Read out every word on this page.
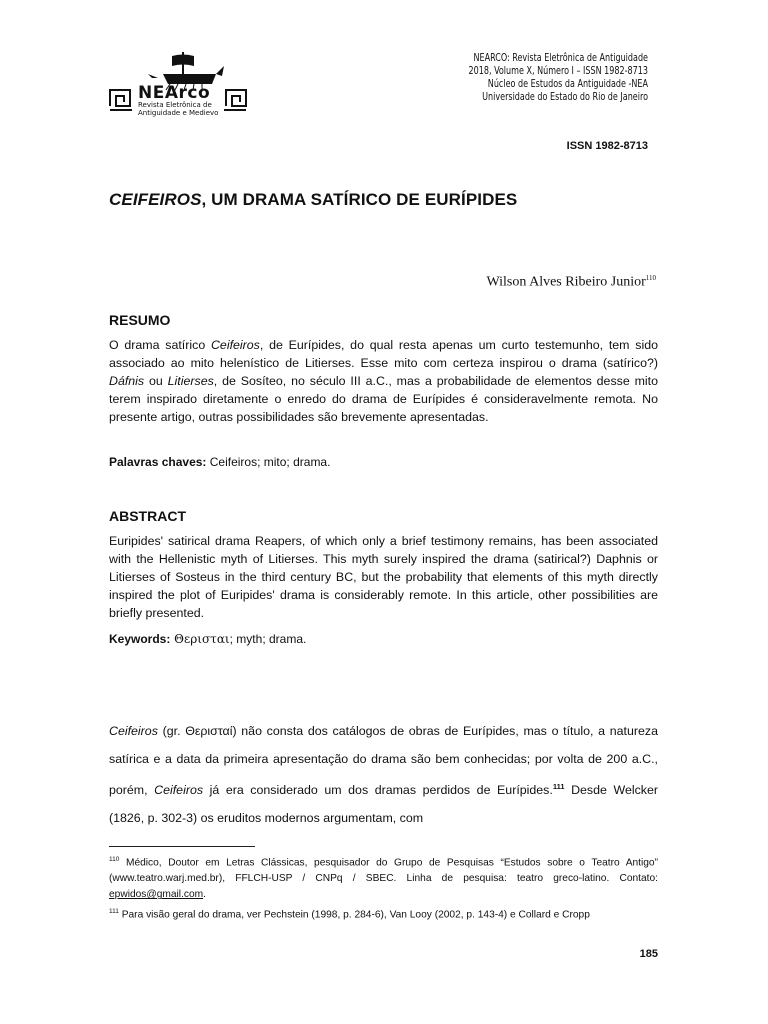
NEArco
Revista Eletrônica de
Antiguidade e Medievo
NEARCO: Revista Eletrônica de Antiguidade
2018, Volume X, Número I – ISSN 1982-8713
Núcleo de Estudos da Antiguidade -NEA
Universidade do Estado do Rio de Janeiro
ISSN 1982-8713
CEIFEIROS, UM DRAMA SATÍRICO DE EURÍPIDES
Wilson Alves Ribeiro Junior$^{110}$
RESUMO
O drama satírico Ceifeiros, de Eurípides, do qual resta apenas um curto testemunho, tem sido associado ao mito helenístico de Litierses. Esse mito com certeza inspirou o drama (satírico?) Dáfnis ou Litierses, de Sosíteo, no século III a.C., mas a probabilidade de elementos desse mito terem inspirado diretamente o enredo do drama de Eurípides é consideravelmente remota. No presente artigo, outras possibilidades são brevemente apresentadas.
Palavras chaves: Ceifeiros; mito; drama.
ABSTRACT
Euripides' satirical drama Reapers, of which only a brief testimony remains, has been associated with the Hellenistic myth of Litierses. This myth surely inspired the drama (satirical?) Daphnis or Litierses of Sosteus in the third century BC, but the probability that elements of this myth directly inspired the plot of Euripides' drama is considerably remote. In this article, other possibilities are briefly presented.
Keywords: Θερισται; myth; drama.
Ceifeiros (gr. Θερισταί) não consta dos catálogos de obras de Eurípides, mas o título, a natureza satírica e a data da primeira apresentação do drama são bem conhecidas; por volta de 200 a.C., porém, Ceifeiros já era considerado um dos dramas perdidos de Eurípides.$^{111}$ Desde Welcker (1826, p. 302-3) os eruditos modernos argumentam, com
$^{110}$ Médico, Doutor em Letras Clássicas, pesquisador do Grupo de Pesquisas “Estudos sobre o Teatro Antigo” (www.teatro.warj.med.br), FFLCH-USP / CNPq / SBEC. Linha de pesquisa: teatro greco-latino. Contato: epwidos@gmail.com.
$^{111}$ Para visão geral do drama, ver Pechstein (1998, p. 284-6), Van Looy (2002, p. 143-4) e Collard e Cropp
185
